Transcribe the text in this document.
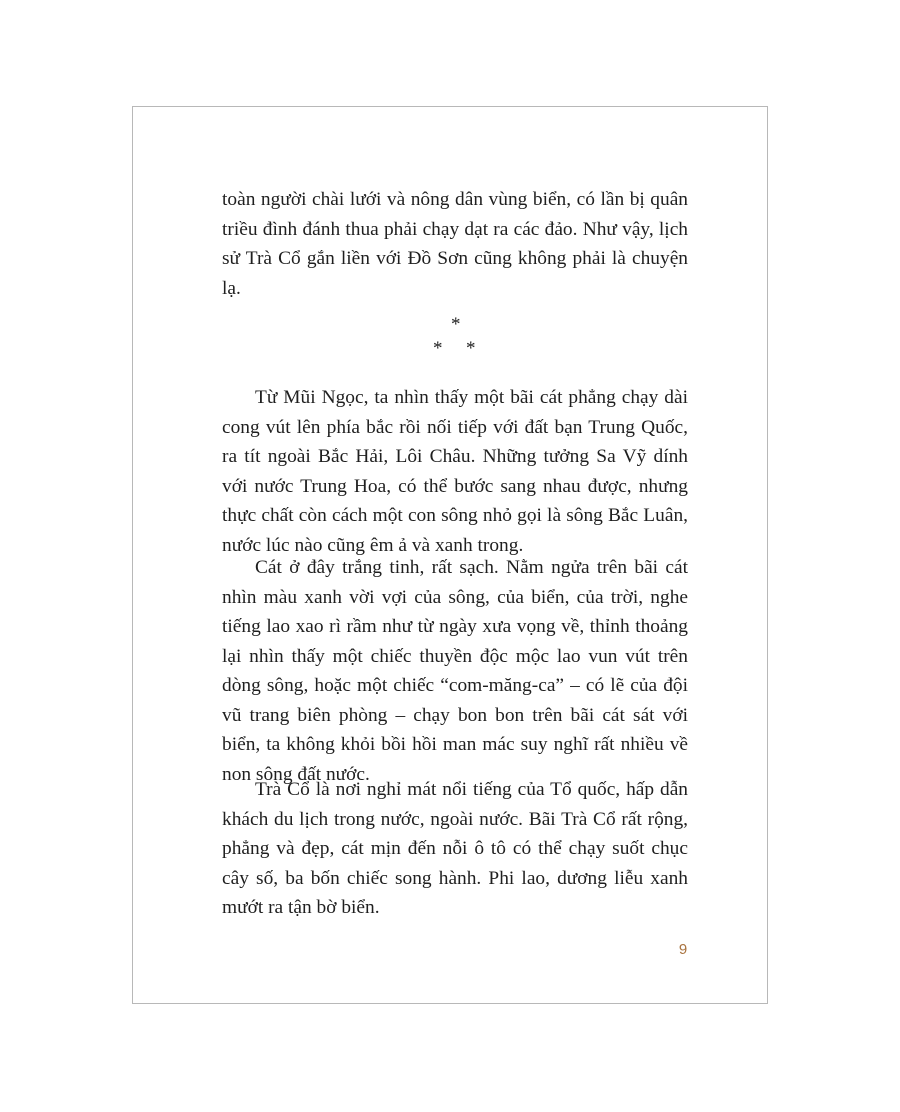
toàn người chài lưới và nông dân vùng biển, có lần bị quân triều đình đánh thua phải chạy dạt ra các đảo. Như vậy, lịch sử Trà Cổ gắn liền với Đồ Sơn cũng không phải là chuyện lạ.

*
* *

Từ Mũi Ngọc, ta nhìn thấy một bãi cát phẳng chạy dài cong vút lên phía bắc rồi nối tiếp với đất bạn Trung Quốc, ra tít ngoài Bắc Hải, Lôi Châu. Những tưởng Sa Vỹ dính với nước Trung Hoa, có thể bước sang nhau được, nhưng thực chất còn cách một con sông nhỏ gọi là sông Bắc Luân, nước lúc nào cũng êm ả và xanh trong.

Cát ở đây trắng tinh, rất sạch. Nằm ngửa trên bãi cát nhìn màu xanh vời vợi của sông, của biển, của trời, nghe tiếng lao xao rì rầm như từ ngày xưa vọng về, thỉnh thoảng lại nhìn thấy một chiếc thuyền độc mộc lao vun vút trên dòng sông, hoặc một chiếc “com-măng-ca” – có lẽ của đội vũ trang biên phòng – chạy bon bon trên bãi cát sát với biển, ta không khỏi bồi hồi man mác suy nghĩ rất nhiều về non sông đất nước.

Trà Cổ là nơi nghỉ mát nổi tiếng của Tổ quốc, hấp dẫn khách du lịch trong nước, ngoài nước. Bãi Trà Cổ rất rộng, phẳng và đẹp, cát mịn đến nỗi ô tô có thể chạy suốt chục cây số, ba bốn chiếc song hành. Phi lao, dương liễu xanh mướt ra tận bờ biển.

9
